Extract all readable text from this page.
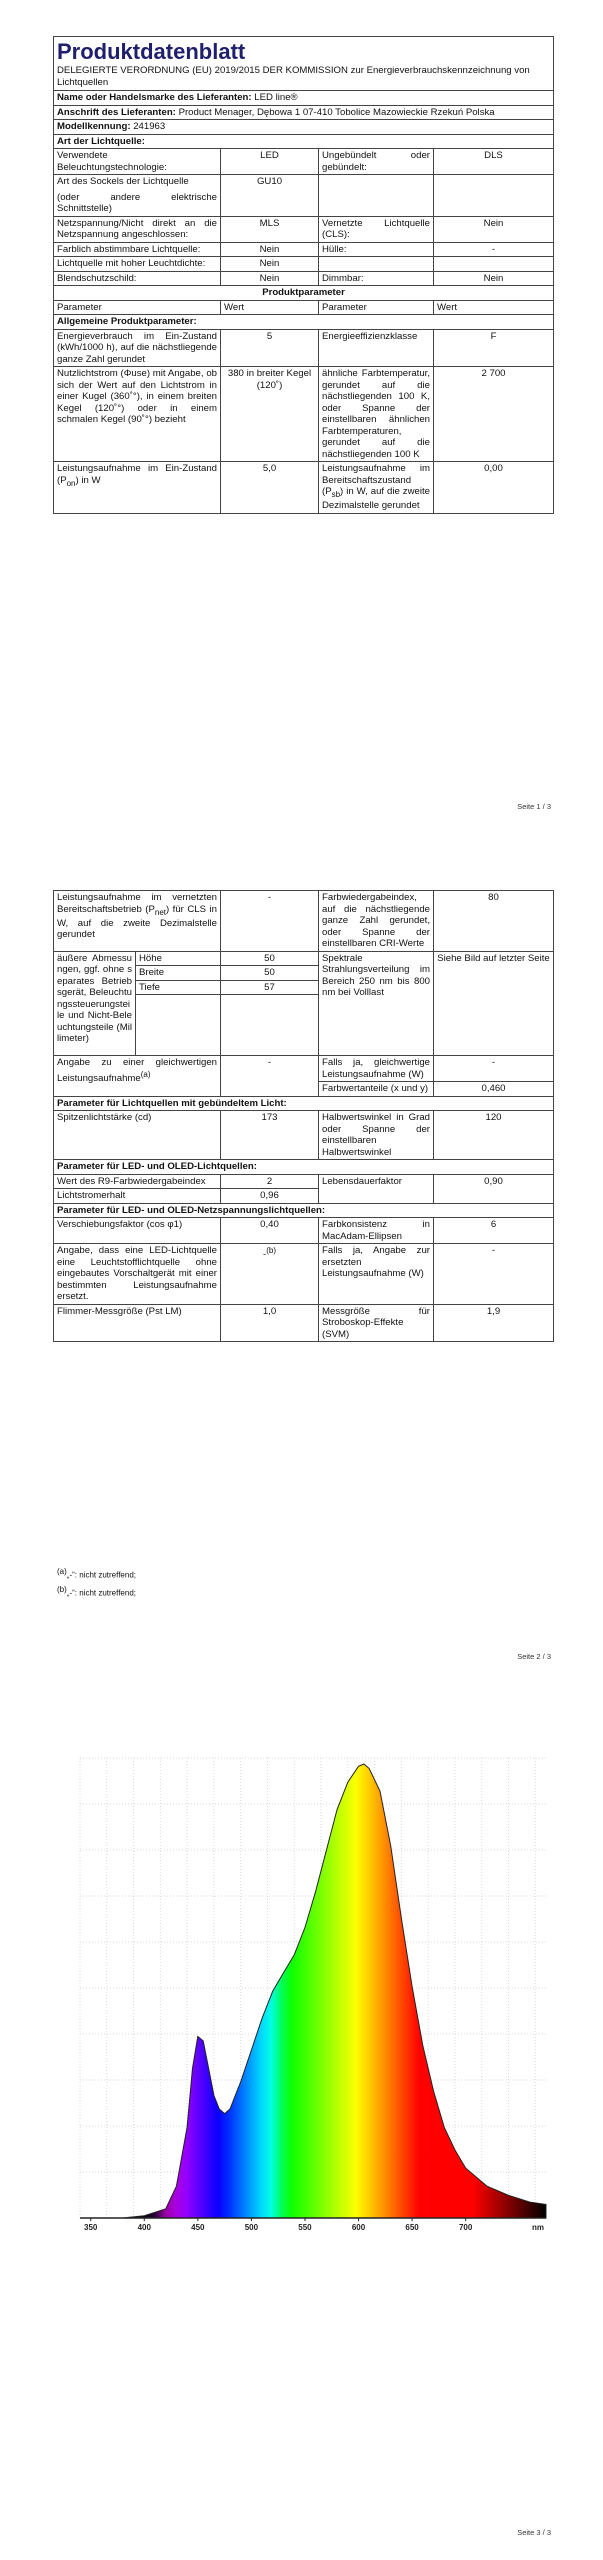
Produktdatenblatt
DELEGIERTE VERORDNUNG (EU) 2019/2015 DER KOMMISSION zur Energieverbrauchskennzeichnung von Lichtquellen			

Name oder Handelsmarke des Lieferanten: LED line®			
Anschrift des Lieferanten: Product Menager, Dębowa 1 07-410 Tobolice Mazowieckie Rzekuń Polska			
Modellkennung: 241963			
Art der Lichtquelle:			
Verwendete Beleuchtungstechnologie:	LED	Ungebündelt oder gebündelt:	DLS

Art des Sockels der Lichtquelle
(oder andere elektrische Schnittstelle)	GU10		
Netzspannung/Nicht direkt an die Netzspannung angeschlossen:	MLS	Vernetzte Lichtquelle (CLS):	Nein
Farblich abstimmbare Lichtquelle:	Nein	Hülle:	-
Lichtquelle mit hoher Leuchtdichte:	Nein		
Blendschutzschild:	Nein	Dimmbar:	Nein
Produktparameter			
Parameter	Wert	Parameter	Wert
Allgemeine Produktparameter:			
Energieverbrauch im Ein-Zustand (kWh/1000 h), auf die nächstliegende ganze Zahl gerundet	5	Energieeffizienzklasse	F
Nutzlichtstrom (Φuse) mit Angabe, ob sich der Wert auf den Lichtstrom in einer Kugel (360˚°), in einem breiten Kegel (120˚°) oder in einem schmalen Kegel (90˚°) bezieht	380 in breiter Kegel (120˚)	ähnliche Farbtemperatur, gerundet auf die nächstliegenden 100 K, oder Spanne der einstellbaren ähnlichen Farbtemperaturen, gerundet auf die nächstliegenden 100 K	2 700
Leistungsaufnahme im Ein-Zustand $(P_{on})$ in W	5,0	Leistungsaufnahme im Bereitschaftszustand $(P_{sb})$ in W, auf die zweite Dezimalstelle gerundet	0,00
Seite 1 / 3
Leistungsaufnahme im vernetzten Bereitschaftsbetrieb $(P_{net})$ für CLS in W, auf die zweite Dezimalstelle gerundet		-	Farbwiedergabeindex, auf die nächstliegende ganze Zahl gerundet, oder Spanne der einstellbaren CRI-Werte	80
äußere Abmessungen, ggf. ohne separates Betriebsgerät, Beleuchtungssteuerungsteile und Nicht-Beleuchtungsteile (Millimeter)	Höhe	50	Spektrale Strahlungsverteilung im Bereich 250 nm bis 800 nm bei Volllast	Siehe Bild auf letzter Seite
	Breite	50		
	Tiefe	57		

Angabe zu einer gleichwertigen Leistungsaufnahme$^{(a)}$		-	Falls ja, gleichwertige Leistungsaufnahme (W)	-
			Farbwertanteile (x und y)	0,460
Parameter für Lichtquellen mit gebündeltem Licht:				
Spitzenlichtstärke (cd)		173	Halbwertswinkel in Grad oder Spanne der einstellbaren Halbwertswinkel	120
Parameter für LED- und OLED-Lichtquellen:				
Wert des R9-Farbwiedergabeindex		2	Lebensdauerfaktor	0,90
Lichtstromerhalt		0,96		
Parameter für LED- und OLED-Netzspannungslichtquellen:				
Verschiebungsfaktor (cos φ1)		0,40	Farbkonsistenz in MacAdam-Ellipsen	6
Angabe, dass eine LED-Lichtquelle eine Leuchtstofflichtquelle ohne eingebautes Vorschaltgerät mit einer bestimmten Leistungsaufnahme ersetzt.		-$^{(b)}$	Falls ja, Angabe zur ersetzten Leistungsaufnahme (W)	-
Flimmer-Messgröße (Pst LM)		1,0	Messgröße für Stroboskop-Effekte (SVM)	1,9
$^{(a)}$„-“: nicht zutreffend;
$^{(b)}$„-“: nicht zutreffend;
Seite 2 / 3
350	400	450	500	550	600	650	700	nm
Seite 3 / 3
